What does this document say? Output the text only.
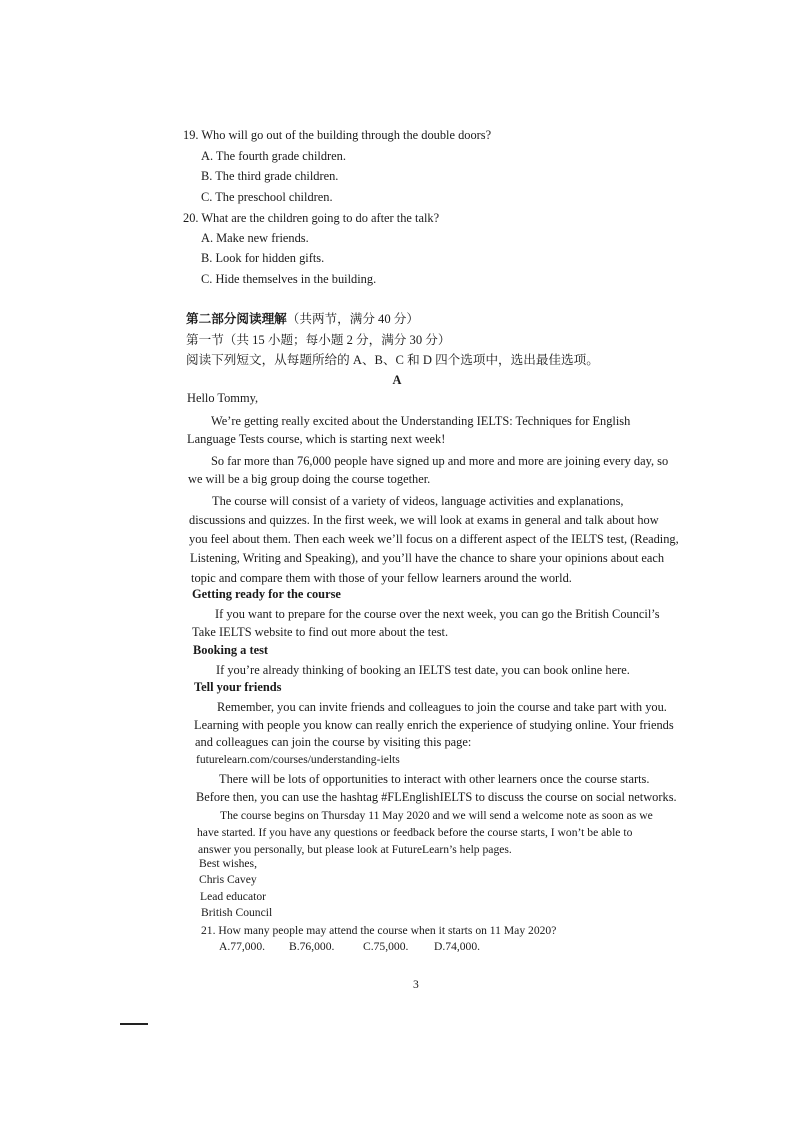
19. Who will go out of the building through the double doors?
A. The fourth grade children.
B. The third grade children.
C. The preschool children.
20. What are the children going to do after the talk?
A. Make new friends.
B. Look for hidden gifts.
C. Hide themselves in the building.
第二部分阅读理解（共两节，满分 40 分）
第一节（共 15 小题；每小题 2 分，满分 30 分）
阅读下列短文，从每题所给的 A、B、C 和 D 四个选项中，选出最佳选项。
A
Hello Tommy,
We’re getting really excited about the Understanding IELTS: Techniques for English
Language Tests course, which is starting next week!
So far more than 76,000 people have signed up and more and more are joining every day, so
we will be a big group doing the course together.
The course will consist of a variety of videos, language activities and explanations,
discussions and quizzes. In the first week, we will look at exams in general and talk about how
you feel about them. Then each week we’ll focus on a different aspect of the IELTS test, (Reading,
Listening, Writing and Speaking), and you’ll have the chance to share your opinions about each
topic and compare them with those of your fellow learners around the world.
Getting ready for the course
If you want to prepare for the course over the next week, you can go the British Council’s
Take IELTS website to find out more about the test.
Booking a test
If you’re already thinking of booking an IELTS test date, you can book online here.
Tell your friends
Remember, you can invite friends and colleagues to join the course and take part with you.
Learning with people you know can really enrich the experience of studying online. Your friends
and colleagues can join the course by visiting this page:
futurelearn.com/courses/understanding-ielts
There will be lots of opportunities to interact with other learners once the course starts.
Before then, you can use the hashtag #FLEnglishIELTS to discuss the course on social networks.
The course begins on Thursday 11 May 2020 and we will send a welcome note as soon as we
have started. If you have any questions or feedback before the course starts, I won’t be able to
answer you personally, but please look at FutureLearn’s help pages.
Best wishes,
Chris Cavey
Lead educator
British Council
21. How many people may attend the course when it starts on 11 May 2020?
A.77,000. B.76,000. C.75,000. D.74,000.
3
